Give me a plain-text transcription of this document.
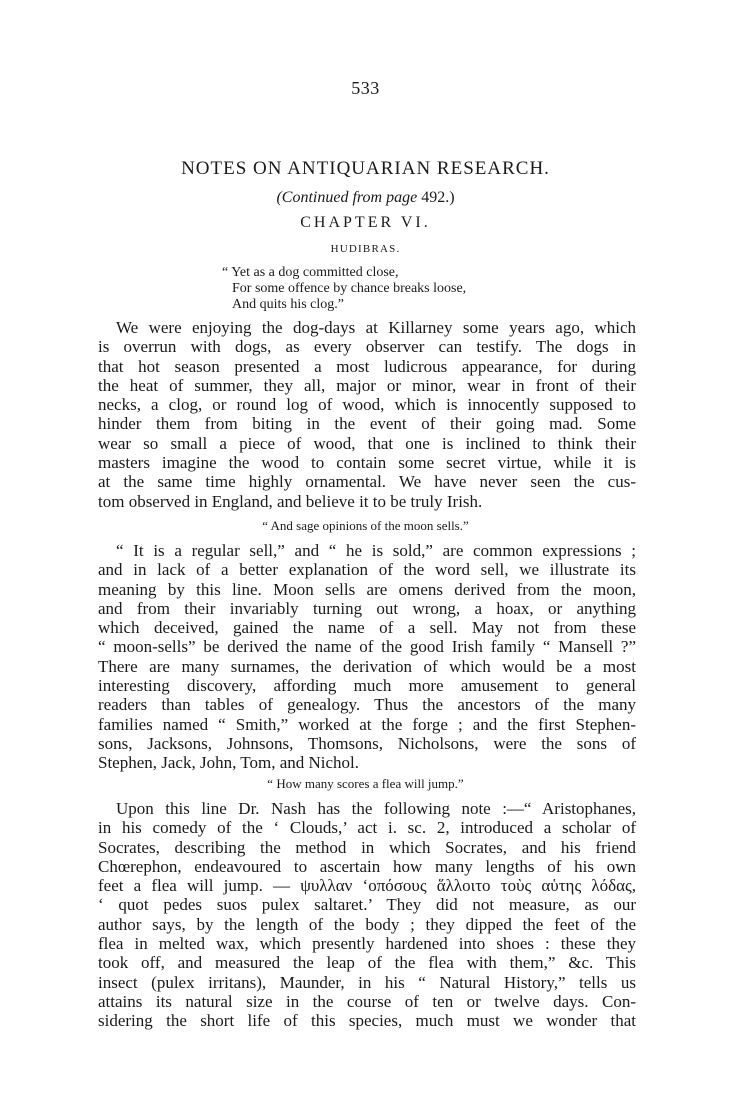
533
NOTES ON ANTIQUARIAN RESEARCH.
(Continued from page 492.)
CHAPTER VI.
HUDIBRAS.
“ Yet as a dog committed close,
For some offence by chance breaks loose,
And quits his clog.”
We were enjoying the dog-days at Killarney some years ago, which
is overrun with dogs, as every observer can testify. The dogs in
that hot season presented a most ludicrous appearance, for during
the heat of summer, they all, major or minor, wear in front of their
necks, a clog, or round log of wood, which is innocently supposed to
hinder them from biting in the event of their going mad. Some
wear so small a piece of wood, that one is inclined to think their
masters imagine the wood to contain some secret virtue, while it is
at the same time highly ornamental. We have never seen the cus-
tom observed in England, and believe it to be truly Irish.
“ And sage opinions of the moon sells.”
“ It is a regular sell,” and “ he is sold,” are common expressions ;
and in lack of a better explanation of the word sell, we illustrate its
meaning by this line. Moon sells are omens derived from the moon,
and from their invariably turning out wrong, a hoax, or anything
which deceived, gained the name of a sell. May not from these
“ moon-sells” be derived the name of the good Irish family “ Mansell ?”
There are many surnames, the derivation of which would be a most
interesting discovery, affording much more amusement to general
readers than tables of genealogy. Thus the ancestors of the many
families named “ Smith,” worked at the forge ; and the first Stephen-
sons, Jacksons, Johnsons, Thomsons, Nicholsons, were the sons of
Stephen, Jack, John, Tom, and Nichol.
“ How many scores a flea will jump.”
Upon this line Dr. Nash has the following note :—“ Aristophanes,
in his comedy of the ‘ Clouds,’ act i. sc. 2, introduced a scholar of
Socrates, describing the method in which Socrates, and his friend
Chœrephon, endeavoured to ascertain how many lengths of his own
feet a flea will jump. — ψυλλαν ‘οπόσους ἅλλοιτο τοὺς αὑτης λόδας,
‘ quot pedes suos pulex saltaret.’ They did not measure, as our
author says, by the length of the body ; they dipped the feet of the
flea in melted wax, which presently hardened into shoes : these they
took off, and measured the leap of the flea with them,” &c. This
insect (pulex irritans), Maunder, in his “ Natural History,” tells us
attains its natural size in the course of ten or twelve days. Con-
sidering the short life of this species, much must we wonder that
